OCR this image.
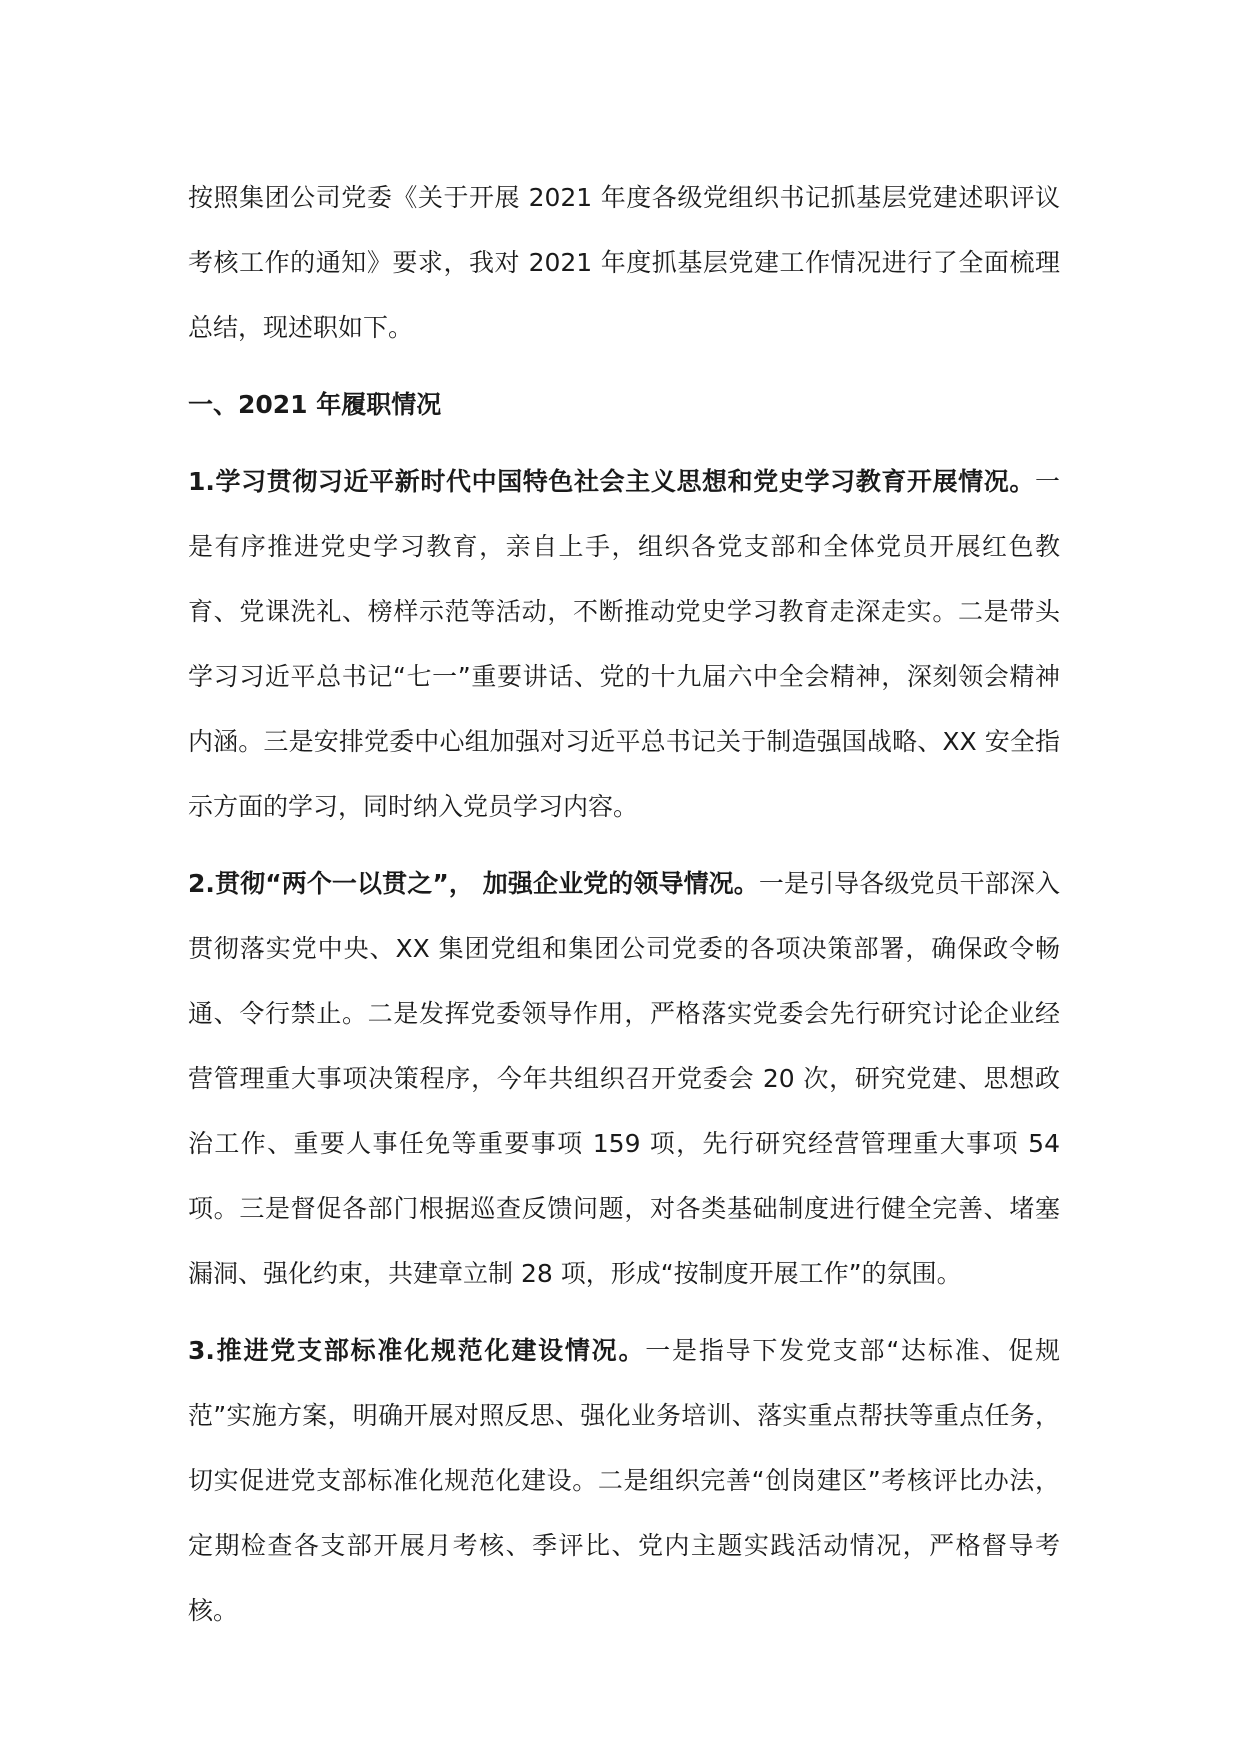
按照集团公司党委《关于开展 2021 年度各级党组织书记抓基层党建述职评议考核工作的通知》要求，我对 2021 年度抓基层党建工作情况进行了全面梳理总结，现述职如下。

一、2021 年履职情况

1.学习贯彻习近平新时代中国特色社会主义思想和党史学习教育开展情况。一是有序推进党史学习教育，亲自上手，组织各党支部和全体党员开展红色教育、党课洗礼、榜样示范等活动，不断推动党史学习教育走深走实。二是带头学习习近平总书记“七一”重要讲话、党的十九届六中全会精神，深刻领会精神内涵。三是安排党委中心组加强对习近平总书记关于制造强国战略、XX 安全指示方面的学习，同时纳入党员学习内容。

2.贯彻“两个一以贯之”， 加强企业党的领导情况。一是引导各级党员干部深入贯彻落实党中央、XX 集团党组和集团公司党委的各项决策部署，确保政令畅通、令行禁止。二是发挥党委领导作用，严格落实党委会先行研究讨论企业经营管理重大事项决策程序，今年共组织召开党委会 20 次，研究党建、思想政治工作、重要人事任免等重要事项 159 项，先行研究经营管理重大事项 54 项。三是督促各部门根据巡查反馈问题，对各类基础制度进行健全完善、堵塞漏洞、强化约束，共建章立制 28 项，形成“按制度开展工作”的氛围。

3.推进党支部标准化规范化建设情况。一是指导下发党支部“达标准、促规范”实施方案，明确开展对照反思、强化业务培训、落实重点帮扶等重点任务，切实促进党支部标准化规范化建设。二是组织完善“创岗建区”考核评比办法，定期检查各支部开展月考核、季评比、党内主题实践活动情况，严格督导考核。
